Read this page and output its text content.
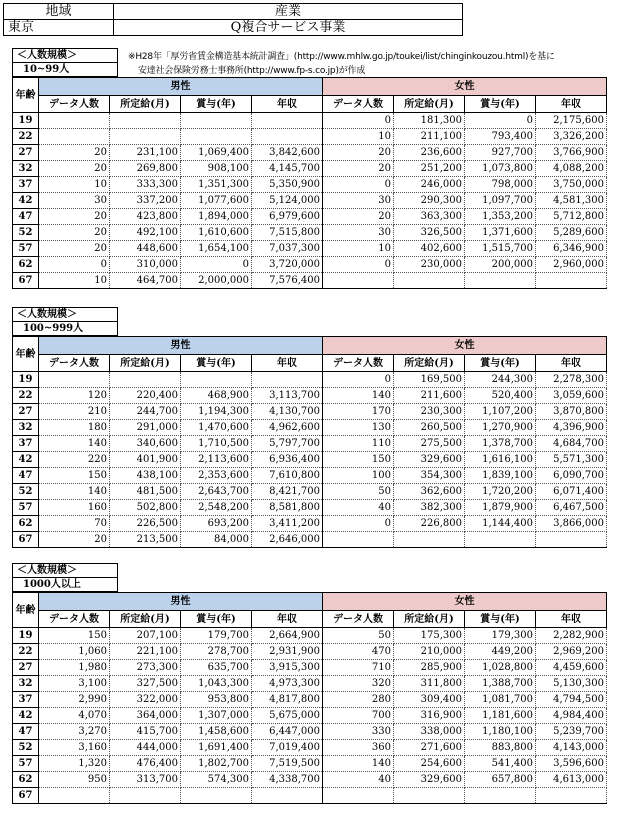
地域	産業
東京	Q複合サービス事業
※H28年「厚労省賃金構造基本統計調査」(http://www.mhlw.go.jp/toukei/list/chinginkouzou.html)を基に
安達社会保険労務士事務所(http://www.fp-s.co.jp)が作成
＜人数規模＞
10~99人
年齢	男性				女性			
	データ人数	所定給(月)	賞与(年)	年収	データ人数	所定給(月)	賞与(年)	年収
19					0	181,300	0	2,175,600
22					10	211,100	793,400	3,326,200
27	20	231,100	1,069,400	3,842,600	20	236,600	927,700	3,766,900
32	20	269,800	908,100	4,145,700	20	251,200	1,073,800	4,088,200
37	10	333,300	1,351,300	5,350,900	0	246,000	798,000	3,750,000
42	30	337,200	1,077,600	5,124,000	30	290,300	1,097,700	4,581,300
47	20	423,800	1,894,000	6,979,600	20	363,300	1,353,200	5,712,800
52	20	492,100	1,610,600	7,515,800	30	326,500	1,371,600	5,289,600
57	20	448,600	1,654,100	7,037,300	10	402,600	1,515,700	6,346,900
62	0	310,000	0	3,720,000	0	230,000	200,000	2,960,000
67	10	464,700	2,000,000	7,576,400				
＜人数規模＞
100~999人
年齢	男性				女性			
	データ人数	所定給(月)	賞与(年)	年収	データ人数	所定給(月)	賞与(年)	年収
19					0	169,500	244,300	2,278,300
22	120	220,400	468,900	3,113,700	140	211,600	520,400	3,059,600
27	210	244,700	1,194,300	4,130,700	170	230,300	1,107,200	3,870,800
32	180	291,000	1,470,600	4,962,600	130	260,500	1,270,900	4,396,900
37	140	340,600	1,710,500	5,797,700	110	275,500	1,378,700	4,684,700
42	220	401,900	2,113,600	6,936,400	150	329,600	1,616,100	5,571,300
47	150	438,100	2,353,600	7,610,800	100	354,300	1,839,100	6,090,700
52	140	481,500	2,643,700	8,421,700	50	362,600	1,720,200	6,071,400
57	160	502,800	2,548,200	8,581,800	40	382,300	1,879,900	6,467,500
62	70	226,500	693,200	3,411,200	0	226,800	1,144,400	3,866,000
67	20	213,500	84,000	2,646,000				
＜人数規模＞
1000人以上
年齢	男性				女性			
	データ人数	所定給(月)	賞与(年)	年収	データ人数	所定給(月)	賞与(年)	年収
19	150	207,100	179,700	2,664,900	50	175,300	179,300	2,282,900
22	1,060	221,100	278,700	2,931,900	470	210,000	449,200	2,969,200
27	1,980	273,300	635,700	3,915,300	710	285,900	1,028,800	4,459,600
32	3,100	327,500	1,043,300	4,973,300	320	311,800	1,388,700	5,130,300
37	2,990	322,000	953,800	4,817,800	280	309,400	1,081,700	4,794,500
42	4,070	364,000	1,307,000	5,675,000	700	316,900	1,181,600	4,984,400
47	3,270	415,700	1,458,600	6,447,000	330	338,000	1,180,100	5,239,700
52	3,160	444,000	1,691,400	7,019,400	360	271,600	883,800	4,143,000
57	1,320	476,400	1,802,700	7,519,500	140	254,600	541,400	3,596,600
62	950	313,700	574,300	4,338,700	40	329,600	657,800	4,613,000
67								
